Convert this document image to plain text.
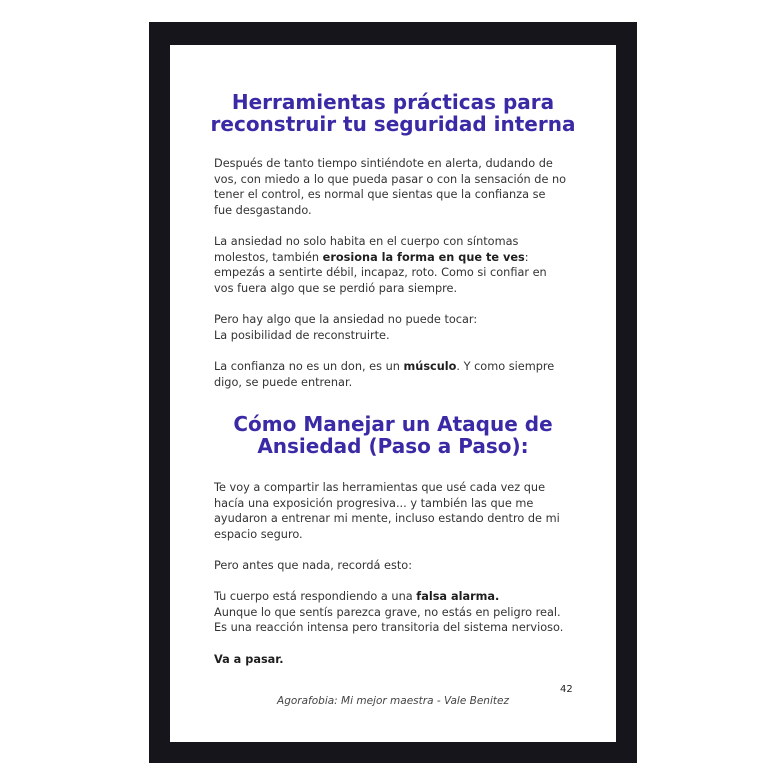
Herramientas prácticas para
reconstruir tu seguridad interna

Después de tanto tiempo sintiéndote en alerta, dudando de
vos, con miedo a lo que pueda pasar o con la sensación de no
tener el control, es normal que sientas que la confianza se
fue desgastando.

La ansiedad no solo habita en el cuerpo con síntomas
molestos, también erosiona la forma en que te ves:
empezás a sentirte débil, incapaz, roto. Como si confiar en
vos fuera algo que se perdió para siempre.

Pero hay algo que la ansiedad no puede tocar:
La posibilidad de reconstruirte.

La confianza no es un don, es un músculo. Y como siempre
digo, se puede entrenar.

Cómo Manejar un Ataque de
Ansiedad (Paso a Paso):

Te voy a compartir las herramientas que usé cada vez que
hacía una exposición progresiva... y también las que me
ayudaron a entrenar mi mente, incluso estando dentro de mi
espacio seguro.

Pero antes que nada, recordá esto:

Tu cuerpo está respondiendo a una falsa alarma.
Aunque lo que sentís parezca grave, no estás en peligro real.
Es una reacción intensa pero transitoria del sistema nervioso.

Va a pasar.

42
Agorafobia: Mi mejor maestra - Vale Benitez
